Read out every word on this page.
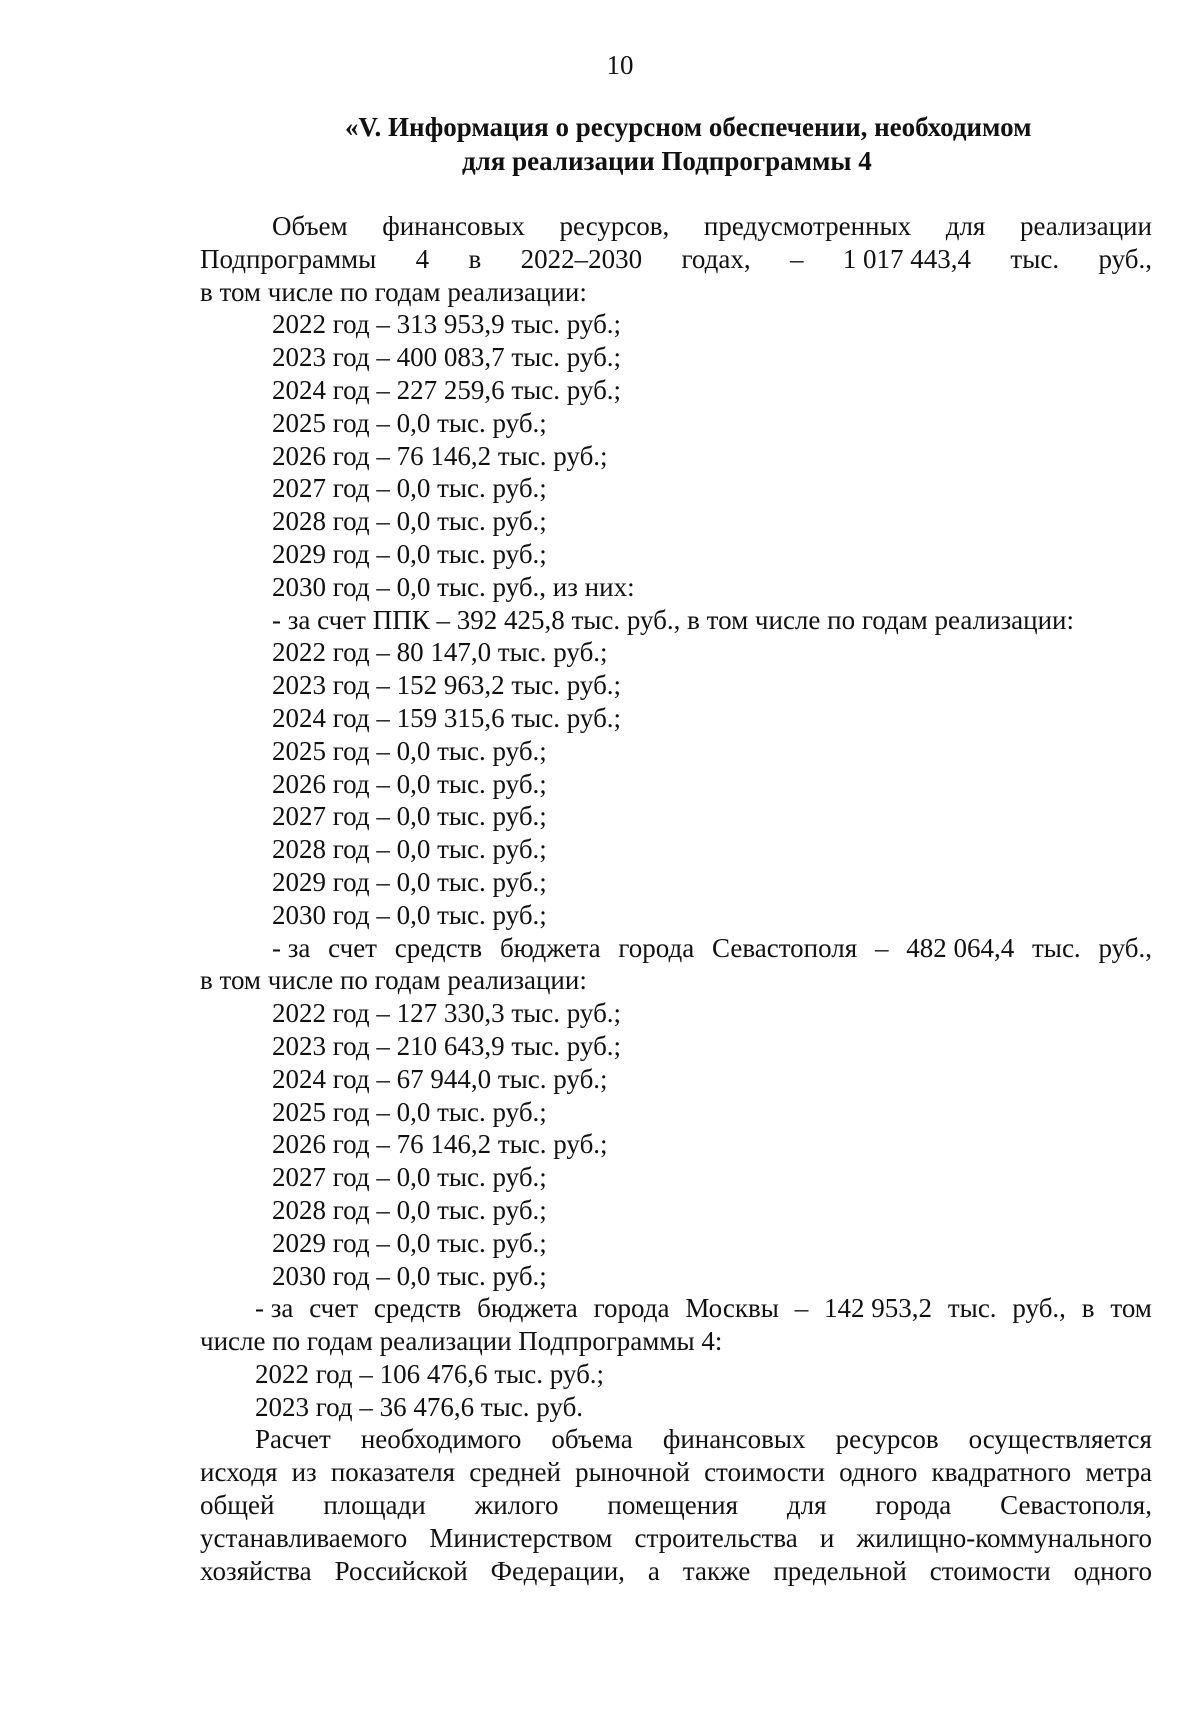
10
«V. Информация о ресурсном обеспечении, необходимом
для реализации Подпрограммы 4
Объем финансовых ресурсов, предусмотренных для реализации
Подпрограммы 4 в 2022–2030 годах, – 1 017 443,4 тыс. руб.,
в том числе по годам реализации:
2022 год – 313 953,9 тыс. руб.;
2023 год – 400 083,7 тыс. руб.;
2024 год – 227 259,6 тыс. руб.;
2025 год – 0,0 тыс. руб.;
2026 год – 76 146,2 тыс. руб.;
2027 год – 0,0 тыс. руб.;
2028 год – 0,0 тыс. руб.;
2029 год – 0,0 тыс. руб.;
2030 год – 0,0 тыс. руб., из них:
- за счет ППК – 392 425,8 тыс. руб., в том числе по годам реализации:
2022 год – 80 147,0 тыс. руб.;
2023 год – 152 963,2 тыс. руб.;
2024 год – 159 315,6 тыс. руб.;
2025 год – 0,0 тыс. руб.;
2026 год – 0,0 тыс. руб.;
2027 год – 0,0 тыс. руб.;
2028 год – 0,0 тыс. руб.;
2029 год – 0,0 тыс. руб.;
2030 год – 0,0 тыс. руб.;
- за счет средств бюджета города Севастополя – 482 064,4 тыс. руб.,
в том числе по годам реализации:
2022 год – 127 330,3 тыс. руб.;
2023 год – 210 643,9 тыс. руб.;
2024 год – 67 944,0 тыс. руб.;
2025 год – 0,0 тыс. руб.;
2026 год – 76 146,2 тыс. руб.;
2027 год – 0,0 тыс. руб.;
2028 год – 0,0 тыс. руб.;
2029 год – 0,0 тыс. руб.;
2030 год – 0,0 тыс. руб.;
- за счет средств бюджета города Москвы – 142 953,2 тыс. руб., в том
числе по годам реализации Подпрограммы 4:
2022 год – 106 476,6 тыс. руб.;
2023 год – 36 476,6 тыс. руб.
Расчет необходимого объема финансовых ресурсов осуществляется
исходя из показателя средней рыночной стоимости одного квадратного метра
общей площади жилого помещения для города Севастополя,
устанавливаемого Министерством строительства и жилищно-коммунального
хозяйства Российской Федерации, а также предельной стоимости одного
